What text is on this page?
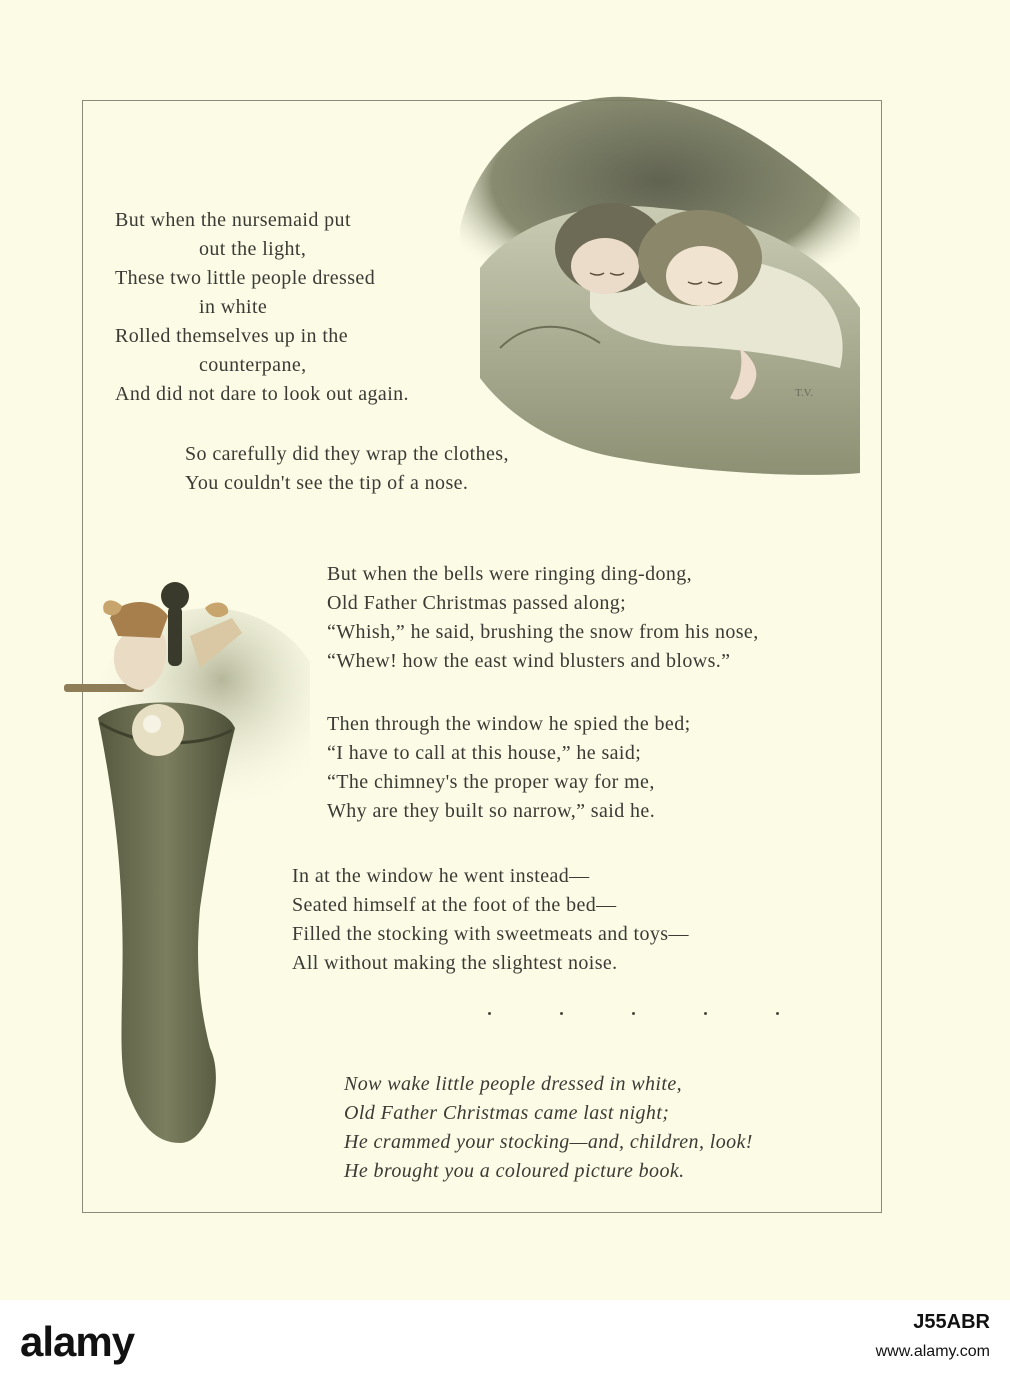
T.V.
But when the nursemaid put
out the light,
These two little people dressed
in white
Rolled themselves up in the
counterpane,
And did not dare to look out again.
So carefully did they wrap the clothes,
You couldn't see the tip of a nose.
But when the bells were ringing ding-dong,
Old Father Christmas passed along;
“Whish,” he said, brushing the snow from his nose,
“Whew! how the east wind blusters and blows.”
Then through the window he spied the bed;
“I have to call at this house,” he said;
“The chimney's the proper way for me,
Why are they built so narrow,” said he.
In at the window he went instead—
Seated himself at the foot of the bed—
Filled the stocking with sweetmeats and toys—
All without making the slightest noise.
Now wake little people dressed in white,
Old Father Christmas came last night;
He crammed your stocking—and, children, look!
He brought you a coloured picture book.
alamy	J55ABR
www.alamy.com
